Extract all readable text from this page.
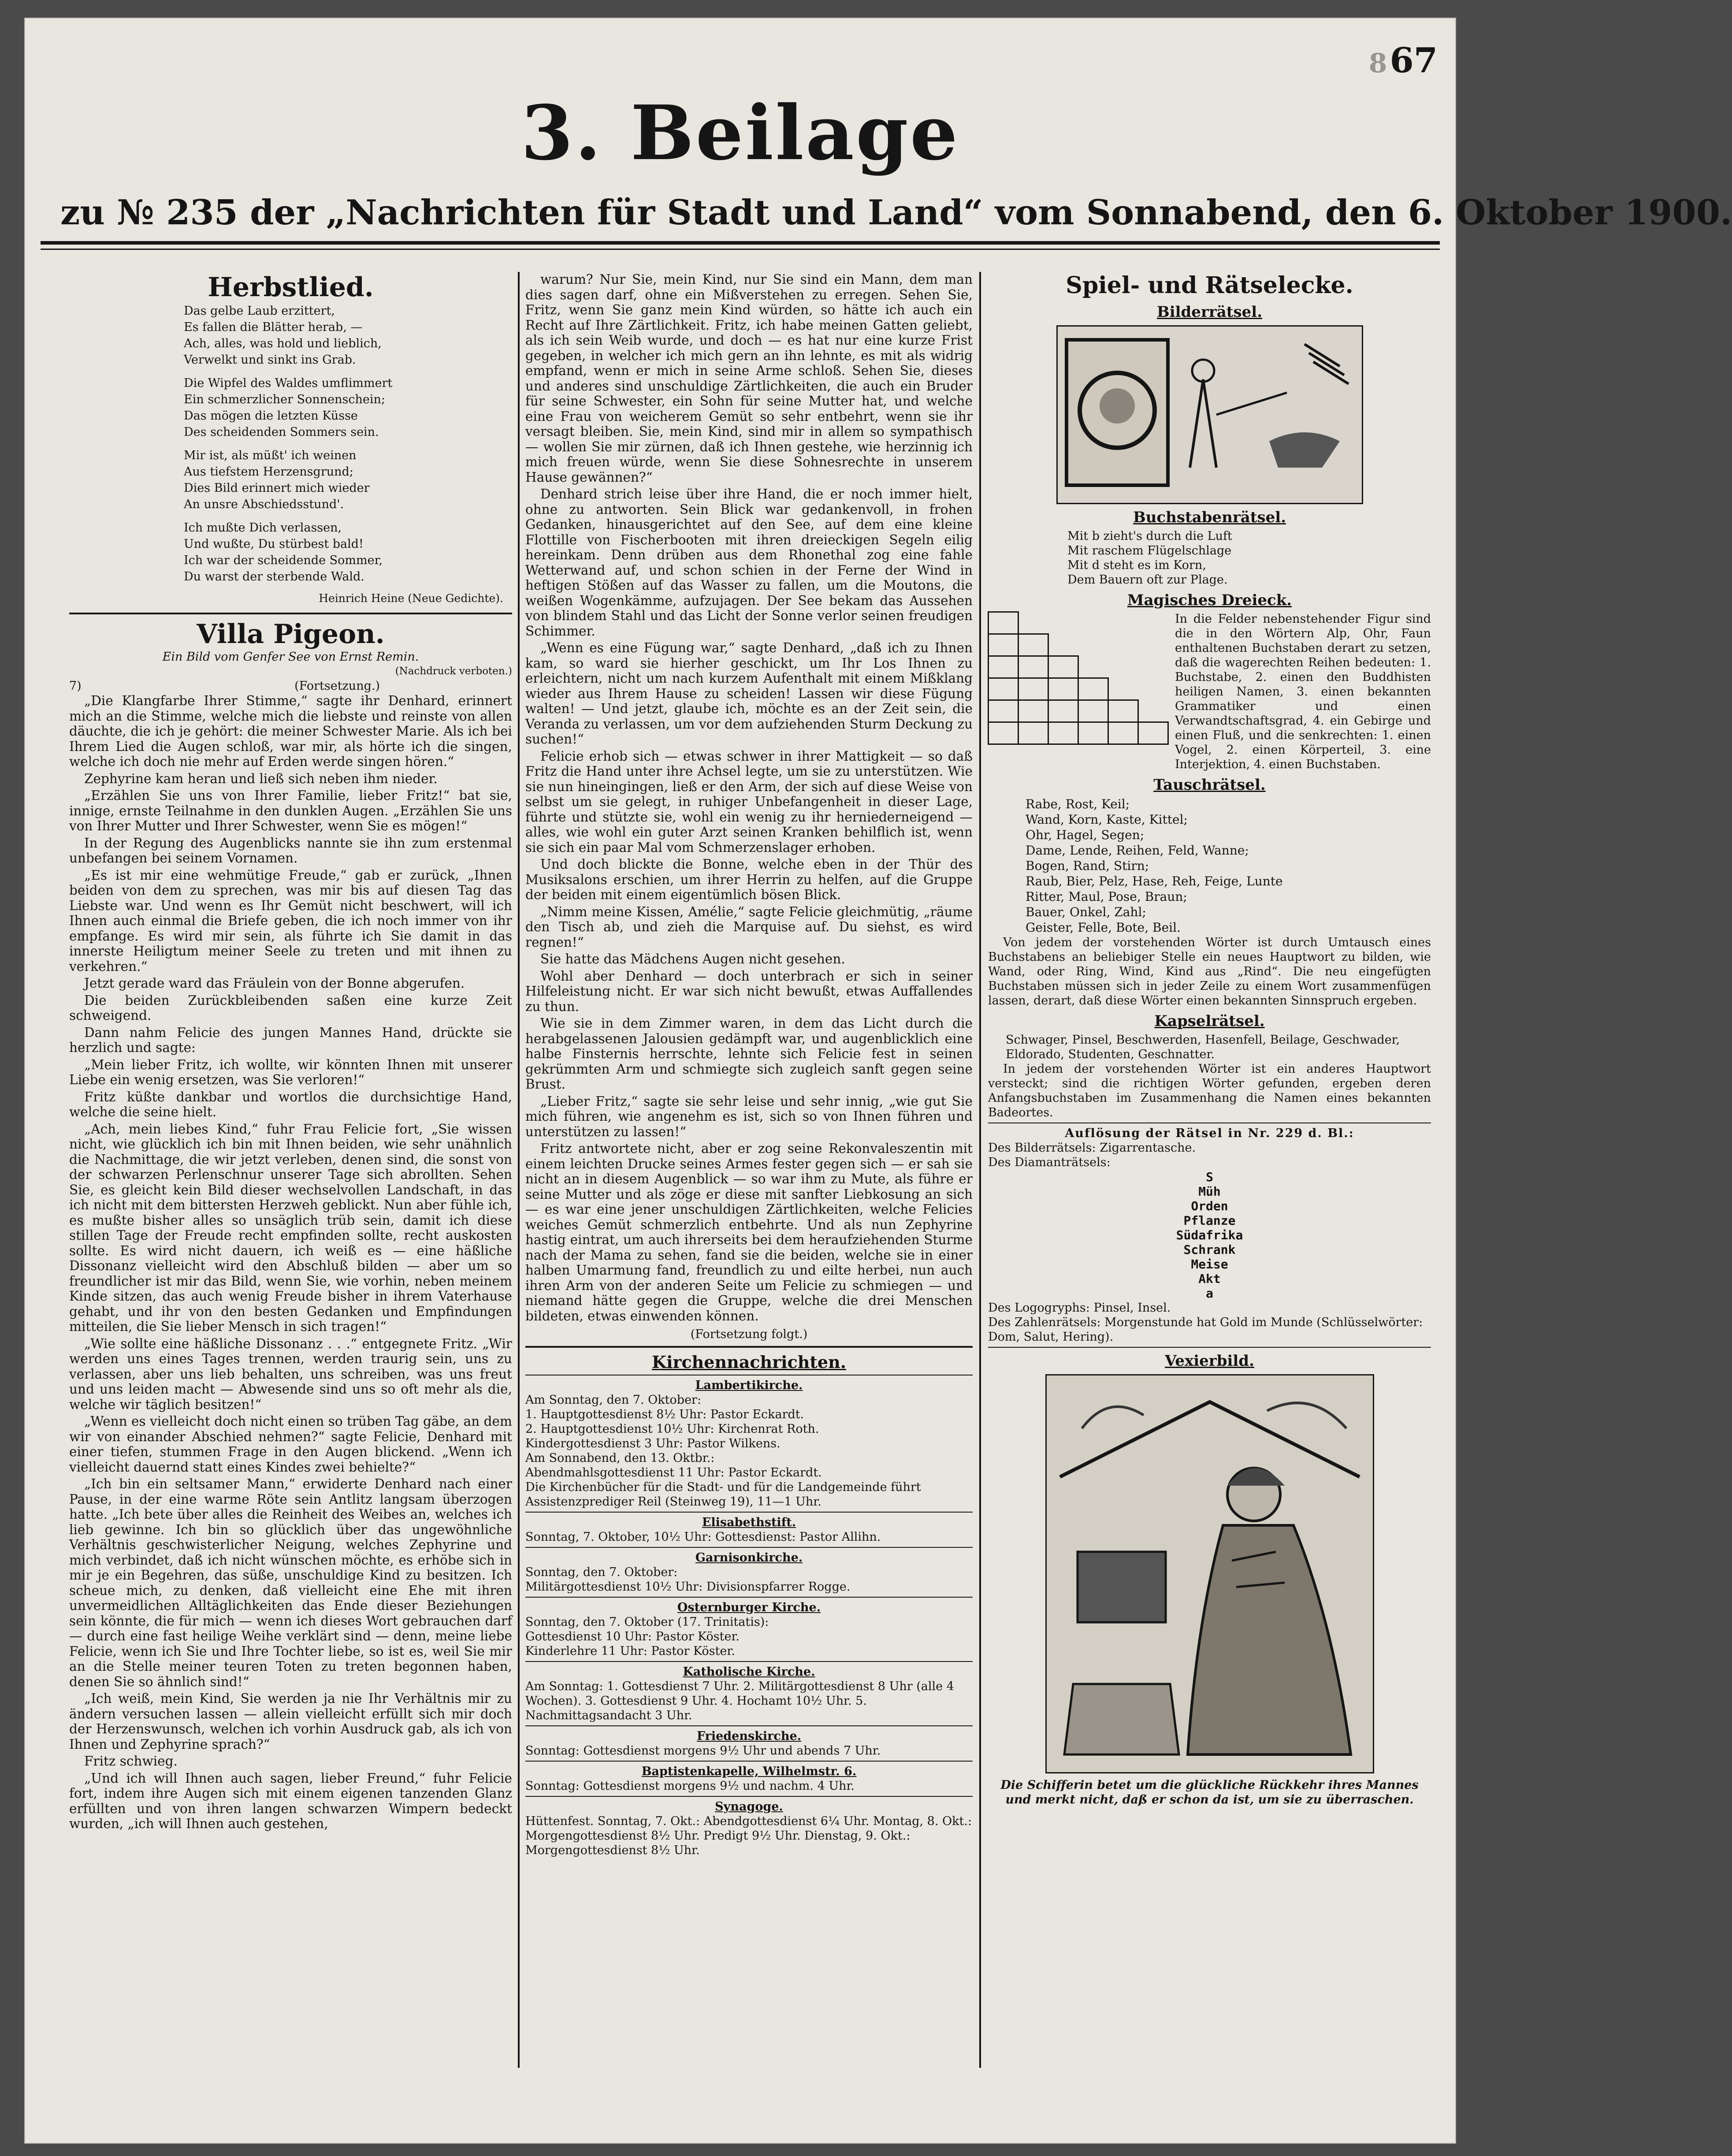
867
3. Beilage
zu № 235 der „Nachrichten für Stadt und Land“ vom Sonnabend, den 6. Oktober 1900.
Herbstlied.
Das gelbe Laub erzittert,
Es fallen die Blätter herab, —
Ach, alles, was hold und lieblich,
Verwelkt und sinkt ins Grab.
Die Wipfel des Waldes umflimmert
Ein schmerzlicher Sonnenschein;
Das mögen die letzten Küsse
Des scheidenden Sommers sein.
Mir ist, als müßt' ich weinen
Aus tiefstem Herzensgrund;
Dies Bild erinnert mich wieder
An unsre Abschiedsstund'.
Ich mußte Dich verlassen,
Und wußte, Du stürbest bald!
Ich war der scheidende Sommer,
Du warst der sterbende Wald.
Heinrich Heine (Neue Gedichte).
Villa Pigeon.
Ein Bild vom Genfer See von Ernst Remin.
(Nachdruck verboten.)
7)	(Fortsetzung.)

„Die Klangfarbe Ihrer Stimme,“ sagte ihr Denhard, erinnert mich an die Stimme, welche mich die liebste und reinste von allen däuchte, die ich je gehört: die meiner Schwester Marie. Als ich bei Ihrem Lied die Augen schloß, war mir, als hörte ich die singen, welche ich doch nie mehr auf Erden werde singen hören.“

Zephyrine kam heran und ließ sich neben ihm nieder.

„Erzählen Sie uns von Ihrer Familie, lieber Fritz!“ bat sie, innige, ernste Teilnahme in den dunklen Augen. „Erzählen Sie uns von Ihrer Mutter und Ihrer Schwester, wenn Sie es mögen!“

In der Regung des Augenblicks nannte sie ihn zum erstenmal unbefangen bei seinem Vornamen.

„Es ist mir eine wehmütige Freude,“ gab er zurück, „Ihnen beiden von dem zu sprechen, was mir bis auf diesen Tag das Liebste war. Und wenn es Ihr Gemüt nicht beschwert, will ich Ihnen auch einmal die Briefe geben, die ich noch immer von ihr empfange. Es wird mir sein, als führte ich Sie damit in das innerste Heiligtum meiner Seele zu treten und mit ihnen zu verkehren.“

Jetzt gerade ward das Fräulein von der Bonne abgerufen.

Die beiden Zurückbleibenden saßen eine kurze Zeit schweigend.

Dann nahm Felicie des jungen Mannes Hand, drückte sie herzlich und sagte:

„Mein lieber Fritz, ich wollte, wir könnten Ihnen mit unserer Liebe ein wenig ersetzen, was Sie verloren!“

Fritz küßte dankbar und wortlos die durchsichtige Hand, welche die seine hielt.

„Ach, mein liebes Kind,“ fuhr Frau Felicie fort, „Sie wissen nicht, wie glücklich ich bin mit Ihnen beiden, wie sehr unähnlich die Nachmittage, die wir jetzt verleben, denen sind, die sonst von der schwarzen Perlenschnur unserer Tage sich abrollten. Sehen Sie, es gleicht kein Bild dieser wechselvollen Landschaft, in das ich nicht mit dem bittersten Herzweh geblickt. Nun aber fühle ich, es mußte bisher alles so unsäglich trüb sein, damit ich diese stillen Tage der Freude recht empfinden sollte, recht auskosten sollte. Es wird nicht dauern, ich weiß es — eine häßliche Dissonanz vielleicht wird den Abschluß bilden — aber um so freundlicher ist mir das Bild, wenn Sie, wie vorhin, neben meinem Kinde sitzen, das auch wenig Freude bisher in ihrem Vaterhause gehabt, und ihr von den besten Gedanken und Empfindungen mitteilen, die Sie lieber Mensch in sich tragen!“

„Wie sollte eine häßliche Dissonanz . . .“ entgegnete Fritz. „Wir werden uns eines Tages trennen, werden traurig sein, uns zu verlassen, aber uns lieb behalten, uns schreiben, was uns freut und uns leiden macht — Abwesende sind uns so oft mehr als die, welche wir täglich besitzen!“

„Wenn es vielleicht doch nicht einen so trüben Tag gäbe, an dem wir von einander Abschied nehmen?“ sagte Felicie, Denhard mit einer tiefen, stummen Frage in den Augen blickend. „Wenn ich vielleicht dauernd statt eines Kindes zwei behielte?“

„Ich bin ein seltsamer Mann,“ erwiderte Denhard nach einer Pause, in der eine warme Röte sein Antlitz langsam überzogen hatte. „Ich bete über alles die Reinheit des Weibes an, welches ich lieb gewinne. Ich bin so glücklich über das ungewöhnliche Verhältnis geschwisterlicher Neigung, welches Zephyrine und mich verbindet, daß ich nicht wünschen möchte, es erhöbe sich in mir je ein Begehren, das süße, unschuldige Kind zu besitzen. Ich scheue mich, zu denken, daß vielleicht eine Ehe mit ihren unvermeidlichen Alltäglichkeiten das Ende dieser Beziehungen sein könnte, die für mich — wenn ich dieses Wort gebrauchen darf — durch eine fast heilige Weihe verklärt sind — denn, meine liebe Felicie, wenn ich Sie und Ihre Tochter liebe, so ist es, weil Sie mir an die Stelle meiner teuren Toten zu treten begonnen haben, denen Sie so ähnlich sind!“

„Ich weiß, mein Kind, Sie werden ja nie Ihr Verhältnis mir zu ändern versuchen lassen — allein vielleicht erfüllt sich mir doch der Herzenswunsch, welchen ich vorhin Ausdruck gab, als ich von Ihnen und Zephyrine sprach?“

Fritz schwieg.

„Und ich will Ihnen auch sagen, lieber Freund,“ fuhr Felicie fort, indem ihre Augen sich mit einem eigenen tanzenden Glanz erfüllten und von ihren langen schwarzen Wimpern bedeckt wurden, „ich will Ihnen auch gestehen,

warum? Nur Sie, mein Kind, nur Sie sind ein Mann, dem man dies sagen darf, ohne ein Mißverstehen zu erregen. Sehen Sie, Fritz, wenn Sie ganz mein Kind würden, so hätte ich auch ein Recht auf Ihre Zärtlichkeit. Fritz, ich habe meinen Gatten geliebt, als ich sein Weib wurde, und doch — es hat nur eine kurze Frist gegeben, in welcher ich mich gern an ihn lehnte, es mit als widrig empfand, wenn er mich in seine Arme schloß. Sehen Sie, dieses und anderes sind unschuldige Zärtlichkeiten, die auch ein Bruder für seine Schwester, ein Sohn für seine Mutter hat, und welche eine Frau von weicherem Gemüt so sehr entbehrt, wenn sie ihr versagt bleiben. Sie, mein Kind, sind mir in allem so sympathisch — wollen Sie mir zürnen, daß ich Ihnen gestehe, wie herzinnig ich mich freuen würde, wenn Sie diese Sohnesrechte in unserem Hause gewännen?“

Denhard strich leise über ihre Hand, die er noch immer hielt, ohne zu antworten. Sein Blick war gedankenvoll, in frohen Gedanken, hinausgerichtet auf den See, auf dem eine kleine Flottille von Fischerbooten mit ihren dreieckigen Segeln eilig hereinkam. Denn drüben aus dem Rhonethal zog eine fahle Wetterwand auf, und schon schien in der Ferne der Wind in heftigen Stößen auf das Wasser zu fallen, um die Moutons, die weißen Wogenkämme, aufzujagen. Der See bekam das Aussehen von blindem Stahl und das Licht der Sonne verlor seinen freudigen Schimmer.

„Wenn es eine Fügung war,“ sagte Denhard, „daß ich zu Ihnen kam, so ward sie hierher geschickt, um Ihr Los Ihnen zu erleichtern, nicht um nach kurzem Aufenthalt mit einem Mißklang wieder aus Ihrem Hause zu scheiden! Lassen wir diese Fügung walten! — Und jetzt, glaube ich, möchte es an der Zeit sein, die Veranda zu verlassen, um vor dem aufziehenden Sturm Deckung zu suchen!“

Felicie erhob sich — etwas schwer in ihrer Mattigkeit — so daß Fritz die Hand unter ihre Achsel legte, um sie zu unterstützen. Wie sie nun hineingingen, ließ er den Arm, der sich auf diese Weise von selbst um sie gelegt, in ruhiger Unbefangenheit in dieser Lage, führte und stützte sie, wohl ein wenig zu ihr herniederneigend — alles, wie wohl ein guter Arzt seinen Kranken behilflich ist, wenn sie sich ein paar Mal vom Schmerzenslager erhoben.

Und doch blickte die Bonne, welche eben in der Thür des Musiksalons erschien, um ihrer Herrin zu helfen, auf die Gruppe der beiden mit einem eigentümlich bösen Blick.

„Nimm meine Kissen, Amélie,“ sagte Felicie gleichmütig, „räume den Tisch ab, und zieh die Marquise auf. Du siehst, es wird regnen!“

Sie hatte das Mädchens Augen nicht gesehen.

Wohl aber Denhard — doch unterbrach er sich in seiner Hilfeleistung nicht. Er war sich nicht bewußt, etwas Auffallendes zu thun.

Wie sie in dem Zimmer waren, in dem das Licht durch die herabgelassenen Jalousien gedämpft war, und augenblicklich eine halbe Finsternis herrschte, lehnte sich Felicie fest in seinen gekrümmten Arm und schmiegte sich zugleich sanft gegen seine Brust.

„Lieber Fritz,“ sagte sie sehr leise und sehr innig, „wie gut Sie mich führen, wie angenehm es ist, sich so von Ihnen führen und unterstützen zu lassen!“

Fritz antwortete nicht, aber er zog seine Rekonvaleszentin mit einem leichten Drucke seines Armes fester gegen sich — er sah sie nicht an in diesem Augenblick — so war ihm zu Mute, als führe er seine Mutter und als zöge er diese mit sanfter Liebkosung an sich — es war eine jener unschuldigen Zärtlichkeiten, welche Felicies weiches Gemüt schmerzlich entbehrte. Und als nun Zephyrine hastig eintrat, um auch ihrerseits bei dem heraufziehenden Sturme nach der Mama zu sehen, fand sie die beiden, welche sie in einer halben Umarmung fand, freundlich zu und eilte herbei, nun auch ihren Arm von der anderen Seite um Felicie zu schmiegen — und niemand hätte gegen die Gruppe, welche die drei Menschen bildeten, etwas einwenden können.

(Fortsetzung folgt.)
Kirchennachrichten.
Lambertikirche.
Am Sonntag, den 7. Oktober:
1. Hauptgottesdienst 8½ Uhr: Pastor Eckardt.
2. Hauptgottesdienst 10½ Uhr: Kirchenrat Roth.
Kindergottesdienst 3 Uhr: Pastor Wilkens.
Am Sonnabend, den 13. Oktbr.:
Abendmahlsgottesdienst 11 Uhr: Pastor Eckardt.
Die Kirchenbücher für die Stadt- und für die Landgemeinde führt Assistenzprediger Reil (Steinweg 19), 11—1 Uhr.
Elisabethstift.
Sonntag, 7. Oktober, 10½ Uhr: Gottesdienst: Pastor Allihn.
Garnisonkirche.
Sonntag, den 7. Oktober:
Militärgottesdienst 10½ Uhr: Divisionspfarrer Rogge.
Osternburger Kirche.
Sonntag, den 7. Oktober (17. Trinitatis):
Gottesdienst 10 Uhr: Pastor Köster.
Kinderlehre 11 Uhr: Pastor Köster.
Katholische Kirche.
Am Sonntag: 1. Gottesdienst 7 Uhr. 2. Militärgottesdienst 8 Uhr (alle 4 Wochen). 3. Gottesdienst 9 Uhr. 4. Hochamt 10½ Uhr. 5. Nachmittagsandacht 3 Uhr.
Friedenskirche.
Sonntag: Gottesdienst morgens 9½ Uhr und abends 7 Uhr.
Baptistenkapelle, Wilhelmstr. 6.
Sonntag: Gottesdienst morgens 9½ und nachm. 4 Uhr.
Synagoge.
Hüttenfest. Sonntag, 7. Okt.: Abendgottesdienst 6¼ Uhr. Montag, 8. Okt.: Morgengottesdienst 8½ Uhr. Predigt 9½ Uhr. Dienstag, 9. Okt.: Morgengottesdienst 8½ Uhr.
Spiel- und Rätselecke.
Bilderrätsel.
Buchstabenrätsel.
Mit b zieht's durch die Luft
Mit raschem Flügelschlage
Mit d steht es im Korn,
Dem Bauern oft zur Plage.
Magisches Dreieck.
In die Felder nebenstehender Figur sind die in den Wörtern Alp, Ohr, Faun enthaltenen Buchstaben derart zu setzen, daß die wagerechten Reihen bedeuten: 1. Buchstabe, 2. einen den Buddhisten heiligen Namen, 3. einen bekannten Grammatiker und einen Verwandtschaftsgrad, 4. ein Gebirge und einen Fluß, und die senkrechten: 1. einen Vogel, 2. einen Körperteil, 3. eine Interjektion, 4. einen Buchstaben.
Tauschrätsel.
Rabe, Rost, Keil;
Wand, Korn, Kaste, Kittel;
Ohr, Hagel, Segen;
Dame, Lende, Reihen, Feld, Wanne;
Bogen, Rand, Stirn;
Raub, Bier, Pelz, Hase, Reh, Feige, Lunte
Ritter, Maul, Pose, Braun;
Bauer, Onkel, Zahl;
Geister, Felle, Bote, Beil.
Von jedem der vorstehenden Wörter ist durch Umtausch eines Buchstabens an beliebiger Stelle ein neues Hauptwort zu bilden, wie Wand, oder Ring, Wind, Kind aus „Rind“. Die neu eingefügten Buchstaben müssen sich in jeder Zeile zu einem Wort zusammenfügen lassen, derart, daß diese Wörter einen bekannten Sinnspruch ergeben.
Kapselrätsel.
Schwager, Pinsel, Beschwerden, Hasenfell, Beilage, Geschwader, Eldorado, Studenten, Geschnatter.
In jedem der vorstehenden Wörter ist ein anderes Hauptwort versteckt; sind die richtigen Wörter gefunden, ergeben deren Anfangsbuchstaben im Zusammenhang die Namen eines bekannten Badeortes.
Auflösung der Rätsel in Nr. 229 d. Bl.:
Des Bilderrätsels: Zigarrentasche.
Des Diamanträtsels:
S
Müh
Orden
Pflanze
Südafrika
Schrank
Meise
Akt
a
Des Logogryphs: Pinsel, Insel.
Des Zahlenrätsels: Morgenstunde hat Gold im Munde (Schlüsselwörter: Dom, Salut, Hering).
Vexierbild.
Die Schifferin betet um die glückliche Rückkehr ihres Mannes und merkt nicht, daß er schon da ist, um sie zu überraschen.
